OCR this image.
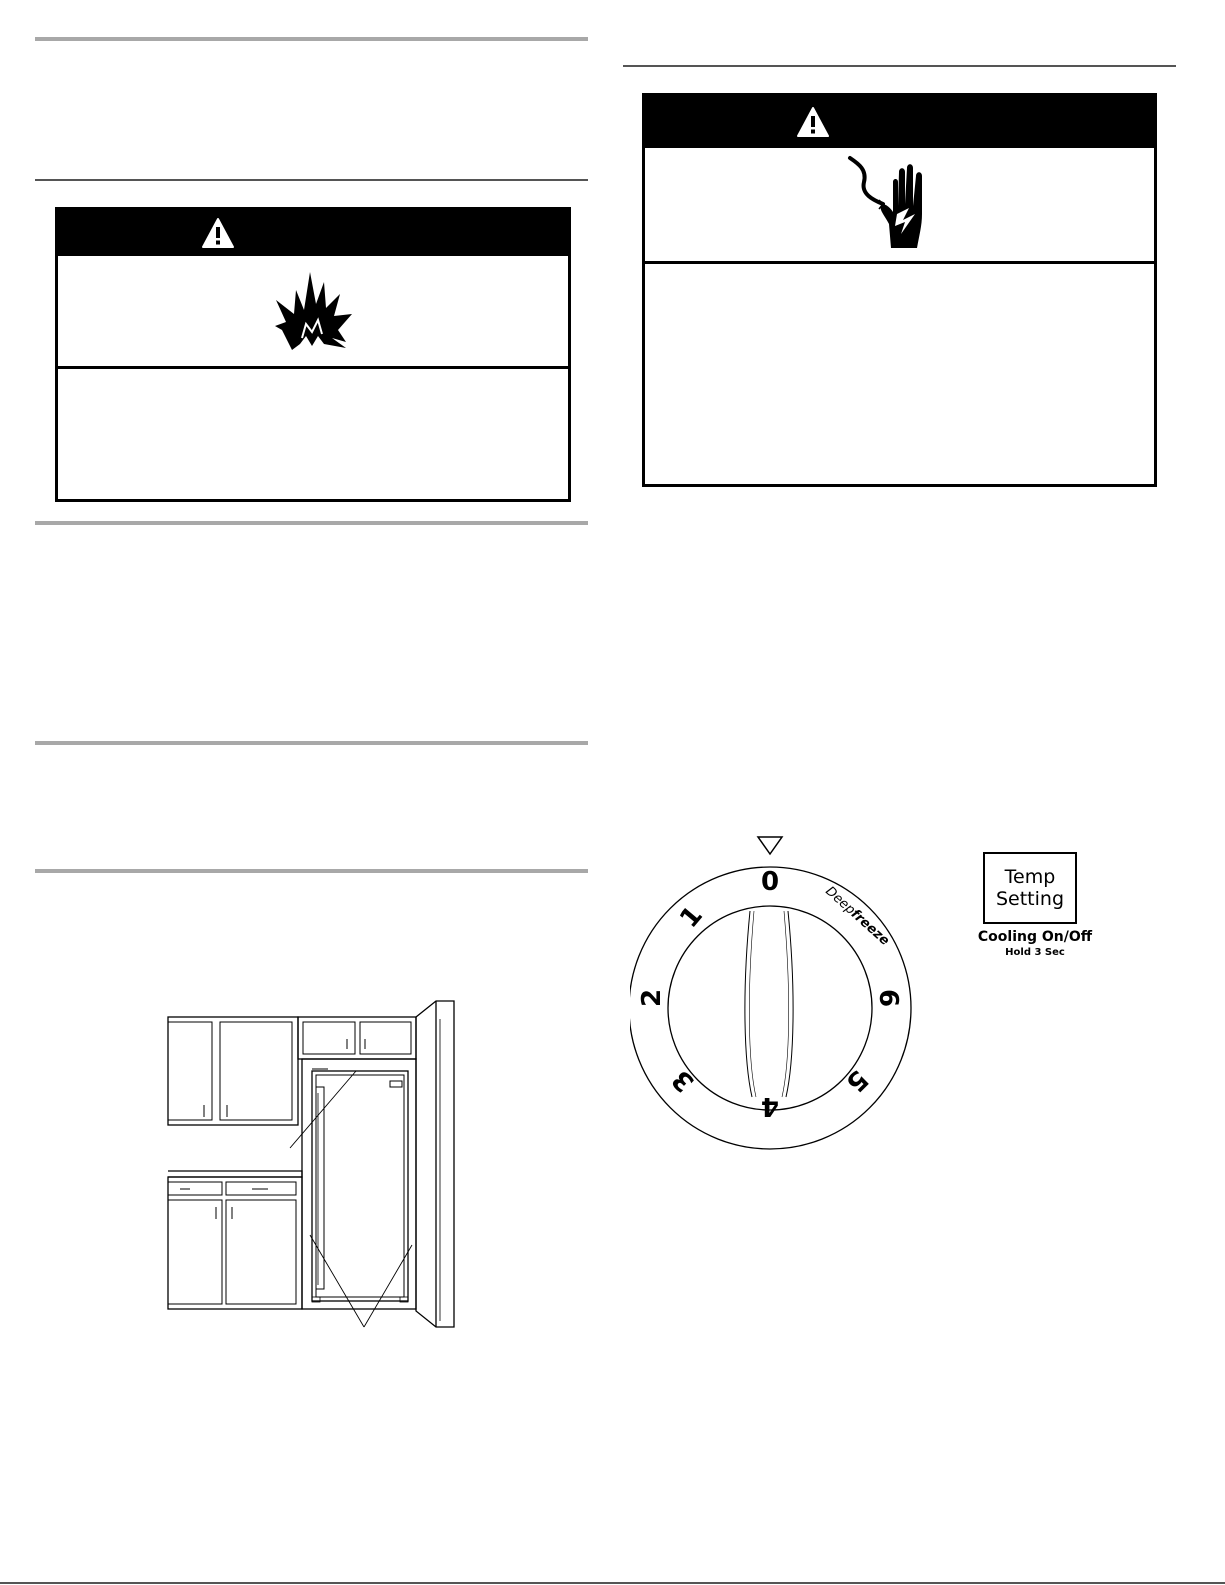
0
1
2
3
4
5
6
Deepfreeze
Temp
Setting
Cooling On/Off
Hold 3 Sec
